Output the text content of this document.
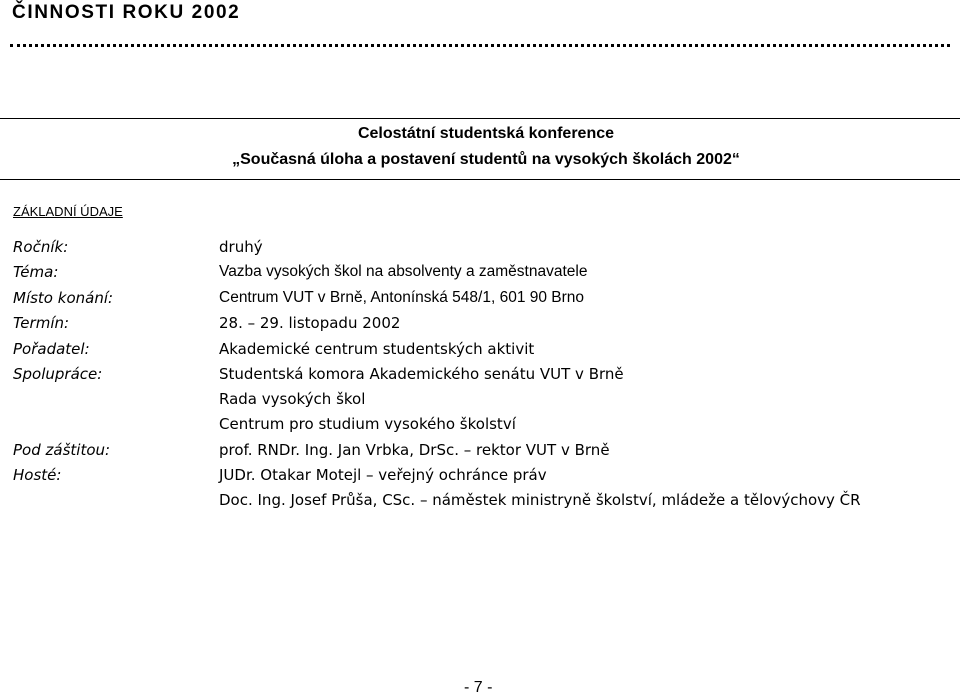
ČINNOSTI ROKU 2002
Celostátní studentská konference
„Současná úloha a postavení studentů na vysokých školách 2002“
ZÁKLADNÍ ÚDAJE
Ročník:	druhý
Téma:	Vazba vysokých škol na absolventy a zaměstnavatele
Místo konání:	Centrum VUT v Brně, Antonínská 548/1, 601 90 Brno
Termín:	28. – 29. listopadu 2002
Pořadatel:	Akademické centrum studentských aktivit
Spolupráce:	Studentská komora Akademického senátu VUT v Brně
Rada vysokých škol
Centrum pro studium vysokého školství
Pod záštitou:	prof. RNDr. Ing. Jan Vrbka, DrSc. – rektor VUT v Brně
Hosté:	JUDr. Otakar Motejl – veřejný ochránce práv
Doc. Ing. Josef Průša, CSc. – náměstek ministryně školství, mládeže a tělovýchovy ČR
- 7 -
